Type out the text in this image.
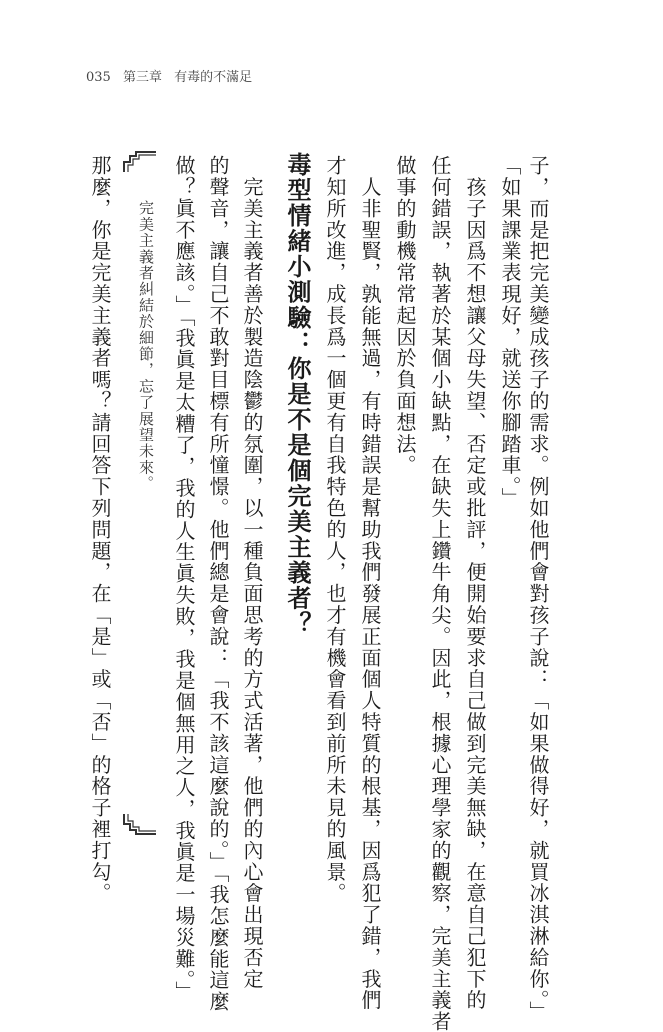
035 第三章 有毒的不滿足
子，而是把完美變成孩子的需求。例如他們會對孩子說：「如果做得好，就買冰淇淋給你。」
「如果課業表現好，就送你腳踏車。」
　孩子因爲不想讓父母失望、否定或批評，便開始要求自己做到完美無缺，在意自己犯下的
任何錯誤，執著於某個小缺點，在缺失上鑽牛角尖。因此，根據心理學家的觀察，完美主義者
做事的動機常常起因於負面想法。
　人非聖賢，孰能無過，有時錯誤是幫助我們發展正面個人特質的根基，因爲犯了錯，我們
才知所改進，成長爲一個更有自我特色的人，也才有機會看到前所未見的風景。
毒型情緒小測驗：你是不是個完美主義者？
　完美主義者善於製造陰鬱的氛圍，以一種負面思考的方式活著，他們的內心會出現否定
的聲音，讓自己不敢對目標有所憧憬。他們總是會說：「我不該這麼說的。」「我怎麼能這麼
做？眞不應該。」「我眞是太糟了，我的人生眞失敗，我是個無用之人，我眞是一場災難。」
完美主義者糾結於細節，忘了展望未來。
那麼，你是完美主義者嗎？請回答下列問題，在「是」或「否」的格子裡打勾。
